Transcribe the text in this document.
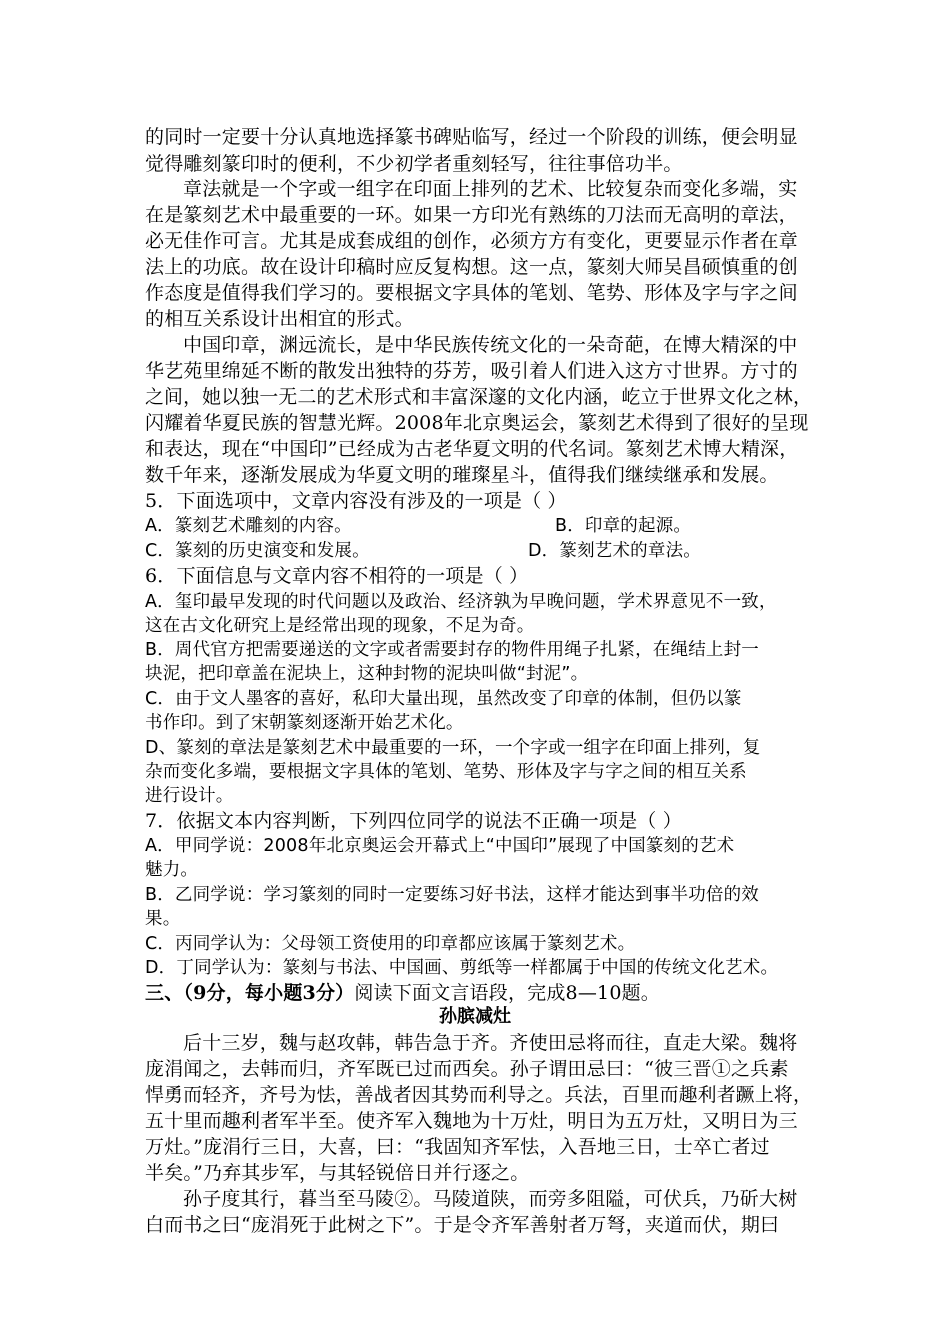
的同时一定要十分认真地选择篆书碑贴临写，经过一个阶段的训练，便会明显
觉得雕刻篆印时的便利，不少初学者重刻轻写，往往事倍功半。
章法就是一个字或一组字在印面上排列的艺术、比较复杂而变化多端，实
在是篆刻艺术中最重要的一环。如果一方印光有熟练的刀法而无高明的章法，
必无佳作可言。尤其是成套成组的创作，必须方方有变化，更要显示作者在章
法上的功底。故在设计印稿时应反复构想。这一点，篆刻大师吴昌硕慎重的创
作态度是值得我们学习的。要根据文字具体的笔划、笔势、形体及字与字之间
的相互关系设计出相宜的形式。
中国印章，渊远流长，是中华民族传统文化的一朵奇葩，在博大精深的中
华艺苑里绵延不断的散发出独特的芬芳，吸引着人们进入这方寸世界。方寸的
之间，她以独一无二的艺术形式和丰富深邃的文化内涵，屹立于世界文化之林，
闪耀着华夏民族的智慧光辉。2008年北京奥运会，篆刻艺术得到了很好的呈现
和表达，现在“中国印”已经成为古老华夏文明的代名词。篆刻艺术博大精深，
数千年来，逐渐发展成为华夏文明的璀璨星斗，值得我们继续继承和发展。
5．下面选项中，文章内容没有涉及的一项是（ ）
A．篆刻艺术雕刻的内容。	B．印章的起源。
C．篆刻的历史演变和发展。	D．篆刻艺术的章法。
6．下面信息与文章内容不相符的一项是（ ）
A．玺印最早发现的时代问题以及政治、经济孰为早晚问题，学术界意见不一致，
这在古文化研究上是经常出现的现象，不足为奇。
B．周代官方把需要递送的文字或者需要封存的物件用绳子扎紧，在绳结上封一
块泥，把印章盖在泥块上，这种封物的泥块叫做“封泥”。
C．由于文人墨客的喜好，私印大量出现，虽然改变了印章的体制，但仍以篆
书作印。到了宋朝篆刻逐渐开始艺术化。
D、篆刻的章法是篆刻艺术中最重要的一环，一个字或一组字在印面上排列，复
杂而变化多端，要根据文字具体的笔划、笔势、形体及字与字之间的相互关系
进行设计。
7．依据文本内容判断，下列四位同学的说法不正确一项是（ ）
A．甲同学说：2008年北京奥运会开幕式上“中国印”展现了中国篆刻的艺术
魅力。
B．乙同学说：学习篆刻的同时一定要练习好书法，这样才能达到事半功倍的效
果。
C．丙同学认为：父母领工资使用的印章都应该属于篆刻艺术。
D．丁同学认为：篆刻与书法、中国画、剪纸等一样都属于中国的传统文化艺术。
三、（9分，每小题3分）阅读下面文言语段，完成8—10题。
孙膑减灶
后十三岁，魏与赵攻韩，韩告急于齐。齐使田忌将而往，直走大梁。魏将
庞涓闻之，去韩而归，齐军既已过而西矣。孙子谓田忌曰：“彼三晋①之兵素
悍勇而轻齐，齐号为怯，善战者因其势而利导之。兵法，百里而趣利者蹶上将，
五十里而趣利者军半至。使齐军入魏地为十万灶，明日为五万灶，又明日为三
万灶。”庞涓行三日，大喜，曰：“我固知齐军怯，入吾地三日，士卒亡者过
半矣。”乃弃其步军，与其轻锐倍日并行逐之。
孙子度其行，暮当至马陵②。马陵道陕，而旁多阻隘，可伏兵，乃斫大树
白而书之曰“庞涓死于此树之下”。于是令齐军善射者万弩，夹道而伏，期曰
